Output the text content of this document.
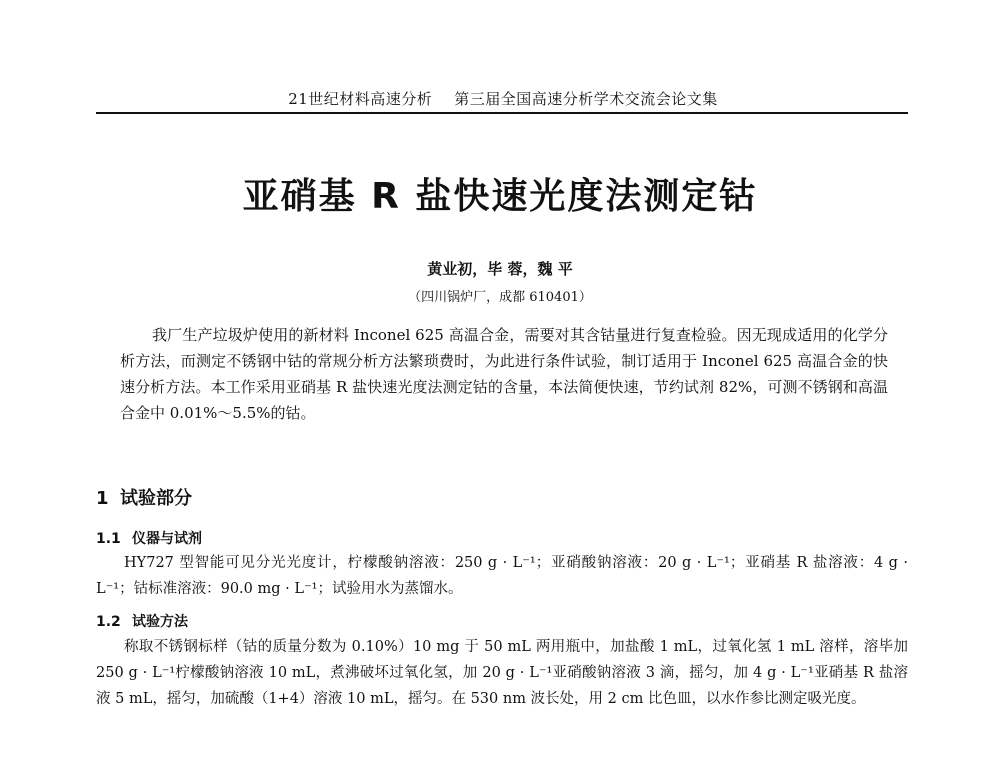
21世纪材料高速分析 第三届全国高速分析学术交流会论文集
亚硝基 R 盐快速光度法测定钴
黄业初，毕 蓉，魏 平
（四川锅炉厂，成都 610401）

我厂生产垃圾炉使用的新材料 Inconel 625 高温合金，需要对其含钴量进行复查检验。因无现成适用的化学分析方法，而测定不锈钢中钴的常规分析方法繁琐费时，为此进行条件试验，制订适用于 Inconel 625 高温合金的快速分析方法。本工作采用亚硝基 R 盐快速光度法测定钴的含量，本法简便快速，节约试剂 82%，可测不锈钢和高温合金中 0.01%～5.5%的钴。

1 试验部分
1.1 仪器与试剂

HY727 型智能可见分光光度计，柠檬酸钠溶液：250 g · L⁻¹；亚硝酸钠溶液：20 g · L⁻¹；亚硝基 R 盐溶液：4 g · L⁻¹；钴标准溶液：90.0 mg · L⁻¹；试验用水为蒸馏水。

1.2 试验方法

称取不锈钢标样（钴的质量分数为 0.10%）10 mg 于 50 mL 两用瓶中，加盐酸 1 mL，过氧化氢 1 mL 溶样，溶毕加 250 g · L⁻¹柠檬酸钠溶液 10 mL，煮沸破坏过氧化氢，加 20 g · L⁻¹亚硝酸钠溶液 3 滴，摇匀，加 4 g · L⁻¹亚硝基 R 盐溶液 5 mL，摇匀，加硫酸（1+4）溶液 10 mL，摇匀。在 530 nm 波长处，用 2 cm 比色皿，以水作参比测定吸光度。
